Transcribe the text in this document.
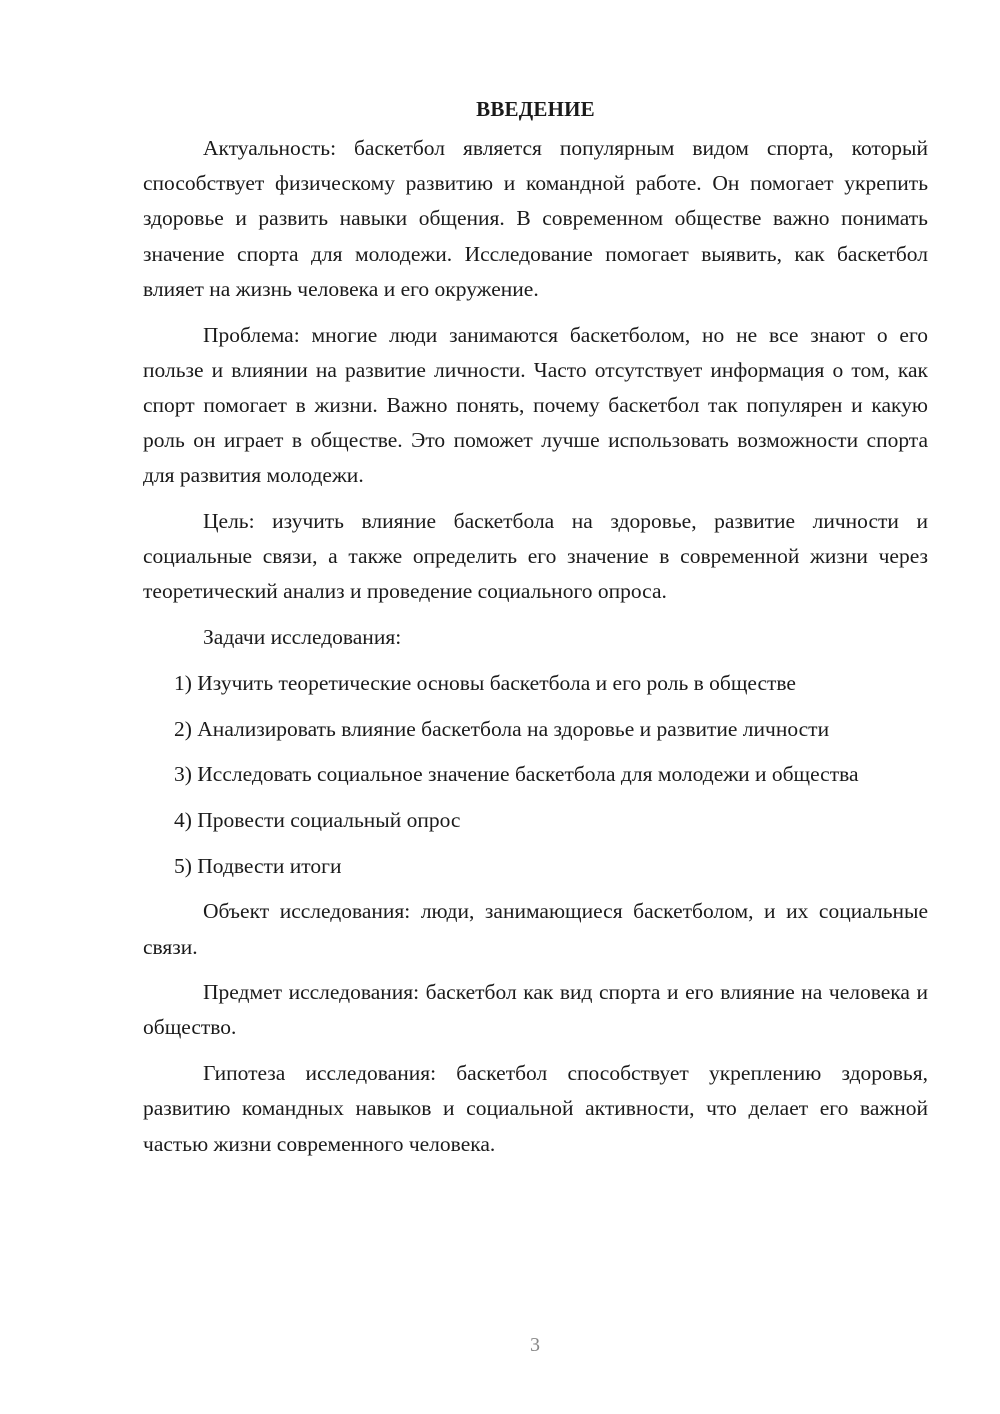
ВВЕДЕНИЕ

Актуальность: баскетбол является популярным видом спорта, который способствует физическому развитию и командной работе. Он помогает укрепить здоровье и развить навыки общения. В современном обществе важно понимать значение спорта для молодежи. Исследование помогает выявить, как баскетбол влияет на жизнь человека и его окружение.

Проблема: многие люди занимаются баскетболом, но не все знают о его пользе и влиянии на развитие личности. Часто отсутствует информация о том, как спорт помогает в жизни. Важно понять, почему баскетбол так популярен и какую роль он играет в обществе. Это поможет лучше использовать возможности спорта для развития молодежи.

Цель: изучить влияние баскетбола на здоровье, развитие личности и социальные связи, а также определить его значение в современной жизни через теоретический анализ и проведение социального опроса.

Задачи исследования:

1) Изучить теоретические основы баскетбола и его роль в обществе

2) Анализировать влияние баскетбола на здоровье и развитие личности

3) Исследовать социальное значение баскетбола для молодежи и общества

4) Провести социальный опрос

5) Подвести итоги

Объект исследования: люди, занимающиеся баскетболом, и их социальные связи.

Предмет исследования: баскетбол как вид спорта и его влияние на человека и общество.

Гипотеза исследования: баскетбол способствует укреплению здоровья, развитию командных навыков и социальной активности, что делает его важной частью жизни современного человека.

3
